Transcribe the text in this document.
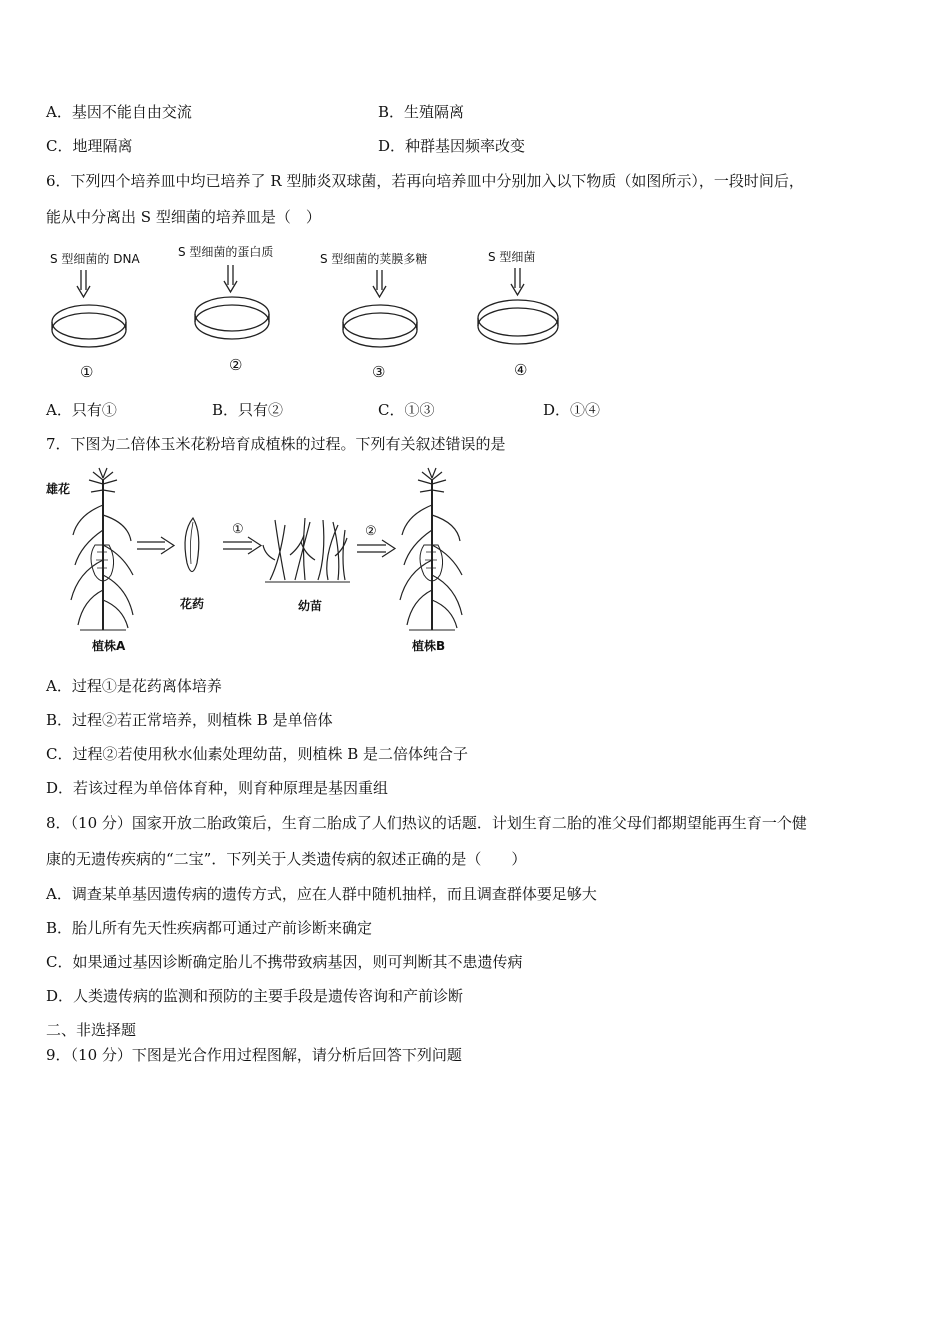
A．基因不能自由交流	B．生殖隔离
C．地理隔离	D．种群基因频率改变
6．下列四个培养皿中均已培养了 R 型肺炎双球菌，若再向培养皿中分别加入以下物质（如图所示），一段时间后，
能从中分离出 S 型细菌的培养皿是（　）
S 型细菌的 DNA	S 型细菌的蛋白质	S 型细菌的荚膜多糖	S 型细菌
①	②	③	④
A．只有①	B．只有②	C．①③	D．①④
7．下图为二倍体玉米花粉培育成植株的过程。下列有关叙述错误的是
雄花
植株A
花药	幼苗
植株B
①	②
A．过程①是花药离体培养
B．过程②若正常培养，则植株 B 是单倍体
C．过程②若使用秋水仙素处理幼苗，则植株 B 是二倍体纯合子
D．若该过程为单倍体育种，则育种原理是基因重组
8．（10 分）国家开放二胎政策后，生育二胎成了人们热议的话题．计划生育二胎的准父母们都期望能再生育一个健
康的无遗传疾病的“二宝”．下列关于人类遗传病的叙述正确的是（　　）
A．调查某单基因遗传病的遗传方式，应在人群中随机抽样，而且调查群体要足够大
B．胎儿所有先天性疾病都可通过产前诊断来确定
C．如果通过基因诊断确定胎儿不携带致病基因，则可判断其不患遗传病
D．人类遗传病的监测和预防的主要手段是遗传咨询和产前诊断
二、非选择题
9．（10 分）下图是光合作用过程图解，请分析后回答下列问题
